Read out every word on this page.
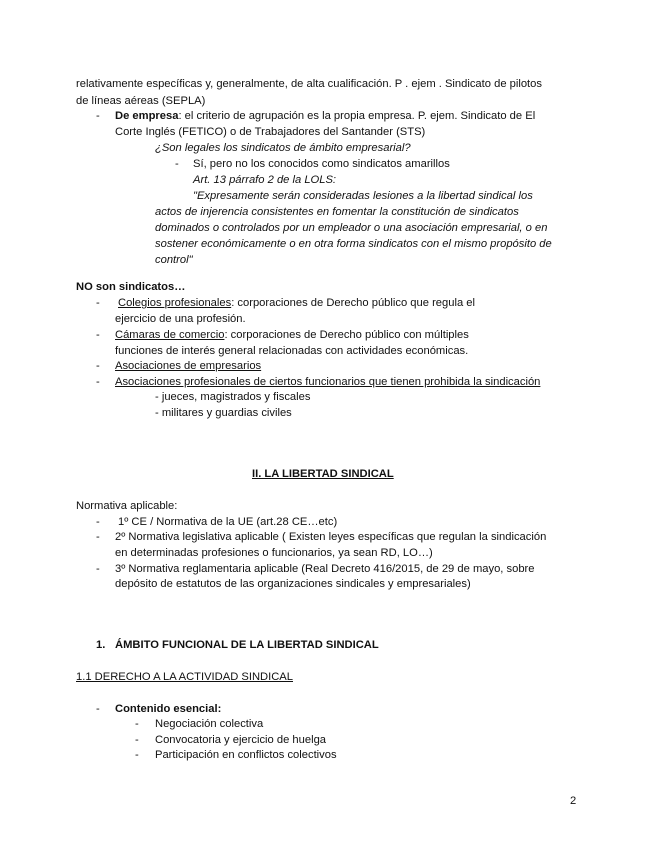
relativamente específicas y, generalmente, de alta cualificación. P . ejem . Sindicato de pilotos
de líneas aéreas (SEPLA)
- De empresa: el criterio de agrupación es la propia empresa. P. ejem. Sindicato de El
Corte Inglés (FETICO) o de Trabajadores del Santander (STS)
¿Son legales los sindicatos de ámbito empresarial?
- Sí, pero no los conocidos como sindicatos amarillos
Art. 13 párrafo 2 de la LOLS:
"Expresamente serán consideradas lesiones a la libertad sindical los
actos de injerencia consistentes en fomentar la constitución de sindicatos
dominados o controlados por un empleador o una asociación empresarial, o en
sostener económicamente o en otra forma sindicatos con el mismo propósito de
control"
NO son sindicatos…
- Colegios profesionales: corporaciones de Derecho público que regula el
ejercicio de una profesión.
- Cámaras de comercio: corporaciones de Derecho público con múltiples
funciones de interés general relacionadas con actividades económicas.
- Asociaciones de empresarios
- Asociaciones profesionales de ciertos funcionarios que tienen prohibida la sindicación
- jueces, magistrados y fiscales
- militares y guardias civiles
II. LA LIBERTAD SINDICAL
Normativa aplicable:
- 1º CE / Normativa de la UE (art.28 CE…etc)
- 2º Normativa legislativa aplicable ( Existen leyes específicas que regulan la sindicación
en determinadas profesiones o funcionarios, ya sean RD, LO…)
- 3º Normativa reglamentaria aplicable (Real Decreto 416/2015, de 29 de mayo, sobre
depósito de estatutos de las organizaciones sindicales y empresariales)
1. ÁMBITO FUNCIONAL DE LA LIBERTAD SINDICAL
1.1 DERECHO A LA ACTIVIDAD SINDICAL
- Contenido esencial:
- Negociación colectiva
- Convocatoria y ejercicio de huelga
- Participación en conflictos colectivos
2
